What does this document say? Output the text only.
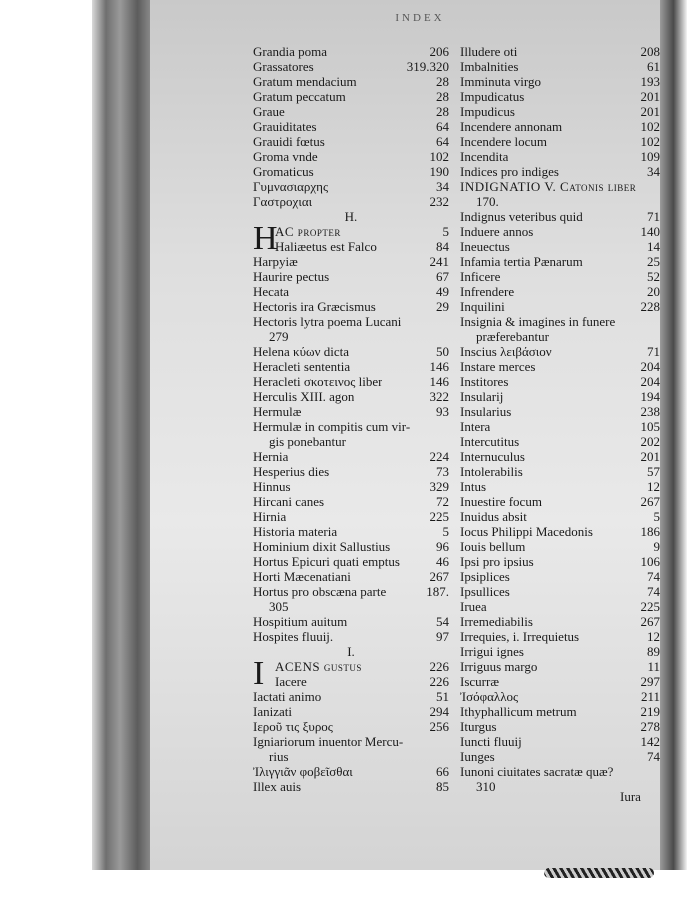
INDEX
Grandia poma	206
Grassatores	319.320
Gratum mendacium	28
Gratum peccatum	28
Graue	28
Grauiditates	64
Grauidi fœtus	64
Groma vnde	102
Gromaticus	190
Γυμνασιαρχης	34
Γαστροχιαι	232
H.
H
AC propter	5
Haliæetus est Falco	84
Harpyiæ	241
Haurire pectus	67
Hecata	49
Hectoris ira Græcismus	29
Hectoris lytra poema Lucani
279
Helena κύων dicta	50
Heracleti sententia	146
Heracleti σκοτεινος liber	146
Herculis XIII. agon	322
Hermulæ	93
Hermulæ in compitis cum vir-
gis ponebantur
Hernia	224
Hesperius dies	73
Hinnus	329
Hircani canes	72
Hirnia	225
Historia materia	5
Hominium dixit Sallustius	96
Hortus Epicuri quati emptus	46
Horti Mæcenatiani	267
Hortus pro obscæna parte	187.
305
Hospitium auitum	54
Hospites fluuij.	97
I.
I ACENS gustus	226
Iacere	226
Iactati animo	51
Ianizati	294
Ιεροῦ τις ξυρος	256
Igniariorum inuentor Mercu-
rius
Ἰλιγγιᾶν φοβεῖσθαι	66
Illex auis	85
Illudere oti	208
Imbalnities	61
Imminuta virgo	193
Impudicatus	201
Impudicus	201
Incendere annonam	102
Incendere locum	102
Incendita	109
Indices pro indiges	34
INDIGNATIO V. Catonis liber
170.
Indignus veteribus quid	71
Induere annos	140
Ineuectus	14
Infamia tertia Pænarum	25
Inficere	52
Infrendere	20
Inquilini	228
Insignia & imagines in funere
præferebantur
Inscius λειβάσιον	71
Instare merces	204
Institores	204
Insularij	194
Insularius	238
Intera	105
Intercutitus	202
Internuculus	201
Intolerabilis	57
Intus	12
Inuestire focum	267
Inuidus absit	5
Iocus Philippi Macedonis	186
Iouis bellum	9
Ipsi pro ipsius	106
Ipsiplices	74
Ipsullices	74
Iruea	225
Irremediabilis	267
Irrequies, i. Irrequietus	12
Irrigui ignes	89
Irriguus margo	11
Iscurræ	297
Ἰσόφαλλος	211
Ithyphallicum metrum	219
Iturgus	278
Iuncti fluuij	142
Iunges	74
Iunoni ciuitates sacratæ quæ?
310
Iura
